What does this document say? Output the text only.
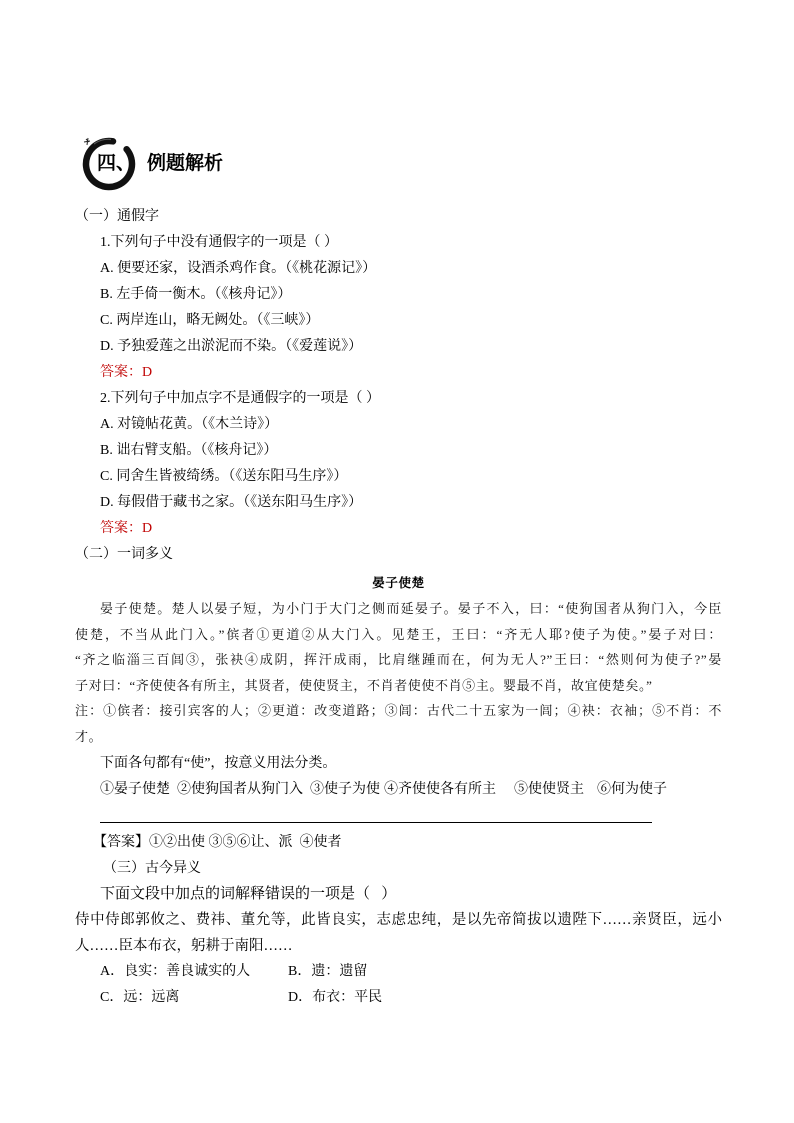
四、 例题解析
（一）通假字
1.下列句子中没有通假字的一项是（ ）
A. 便要还家，设酒杀鸡作食。（《桃花源记》）
B. 左手倚一衡木。（《核舟记》）
C. 两岸连山，略无阙处。（《三峡》）
D. 予独爱莲之出淤泥而不染。（《爱莲说》）
答案：D
2.下列句子中加点字不是通假字的一项是（ ）
A. 对镜帖花黄。（《木兰诗》）
B. 诎右臂支船。（《核舟记》）
C. 同舍生皆被绮绣。（《送东阳马生序》）
D. 每假借于藏书之家。（《送东阳马生序》）
答案：D
（二）一词多义
晏子使楚
晏子使楚。楚人以晏子短，为小门于大门之侧而延晏子。晏子不入，曰：“使狗国者从狗门入，今臣
使楚，不当从此门入。”傧者①更道②从大门入。见楚王，王曰：“齐无人耶?使子为使。”晏子对曰：
“齐之临淄三百闾③，张袂④成阴，挥汗成雨，比肩继踵而在，何为无人?”王曰：“然则何为使子?”晏
子对曰：“齐使使各有所主，其贤者，使使贤主，不肖者使使不肖⑤主。婴最不肖，故宜使楚矣。”
注：①傧者：接引宾客的人；②更道：改变道路；③闾：古代二十五家为一闾；④袂：衣袖；⑤不肖：不
才。
下面各句都有“使”，按意义用法分类。
①晏子使楚 ②使狗国者从狗门入 ③使子为使 ④齐使使各有所主 ⑤使使贤主 ⑥何为使子
【答案】①②出使 ③⑤⑥让、派  ④使者
（三）古今异义
下面文段中加点的词解释错误的一项是（   ）
侍中侍郎郭攸之、费祎、董允等，此皆良实，志虑忠纯，是以先帝简拔以遗陛下……亲贤臣，远小
人……臣本布衣，躬耕于南阳……
A．良实：善良诚实的人	B．遗：遗留
C．远：远离	D．布衣：平民
